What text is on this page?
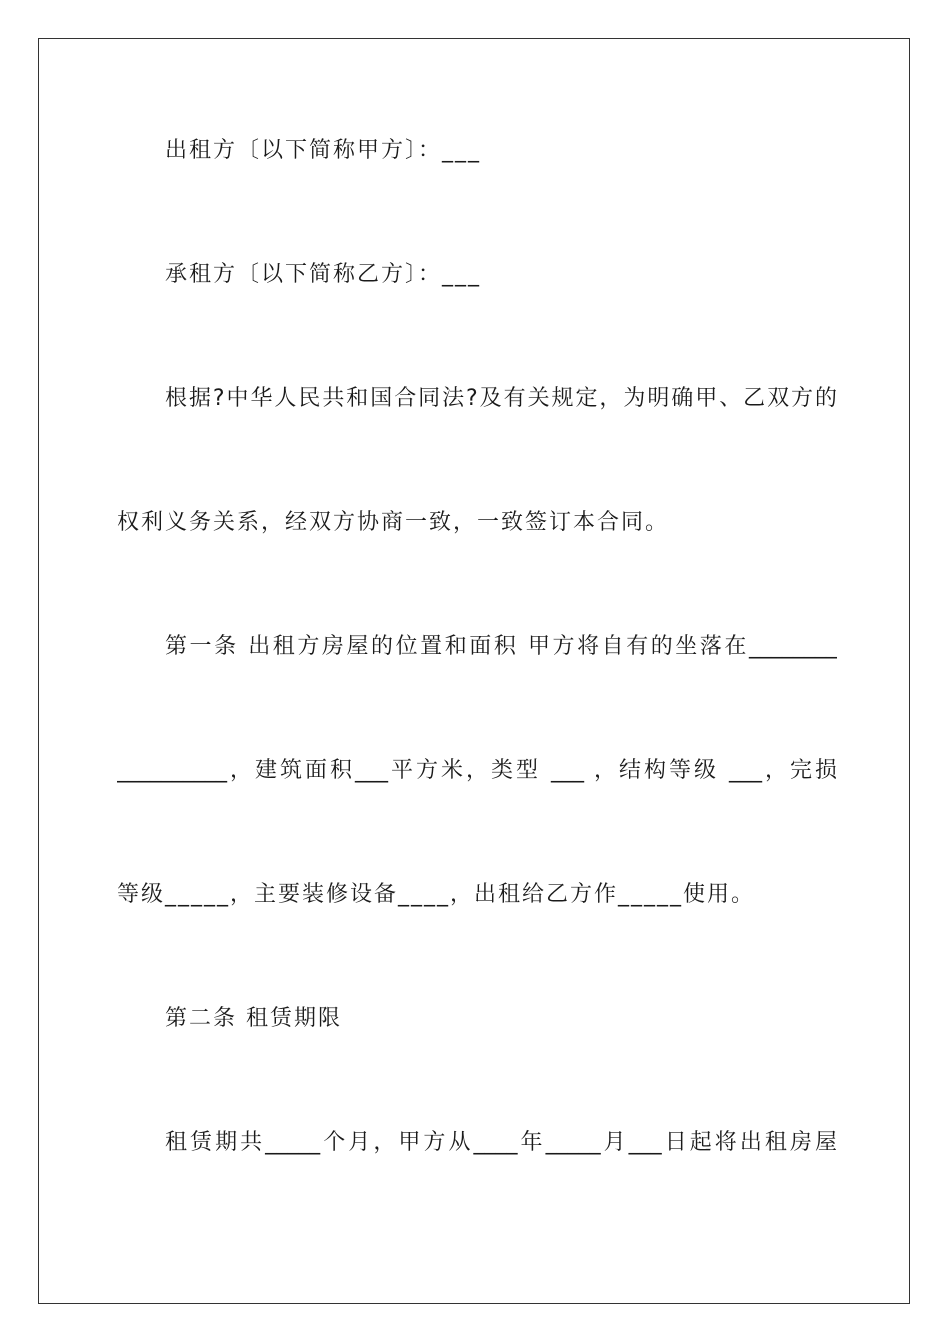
出租方〔以下简称甲方〕：___
承租方〔以下简称乙方〕：___
根据?中华人民共和国合同法?及有关规定，为明确甲、乙双方的
权利义务关系，经双方协商一致，一致签订本合同。
第一条 出租方房屋的位置和面积 甲方将自有的坐落在________
__________，建筑面积___平方米，类型 ___ ，结构等级 ___，完损
等级_____，主要装修设备____，出租给乙方作_____使用。
第二条 租赁期限
租赁期共_____个月，甲方从____年_____月___日起将出租房屋
